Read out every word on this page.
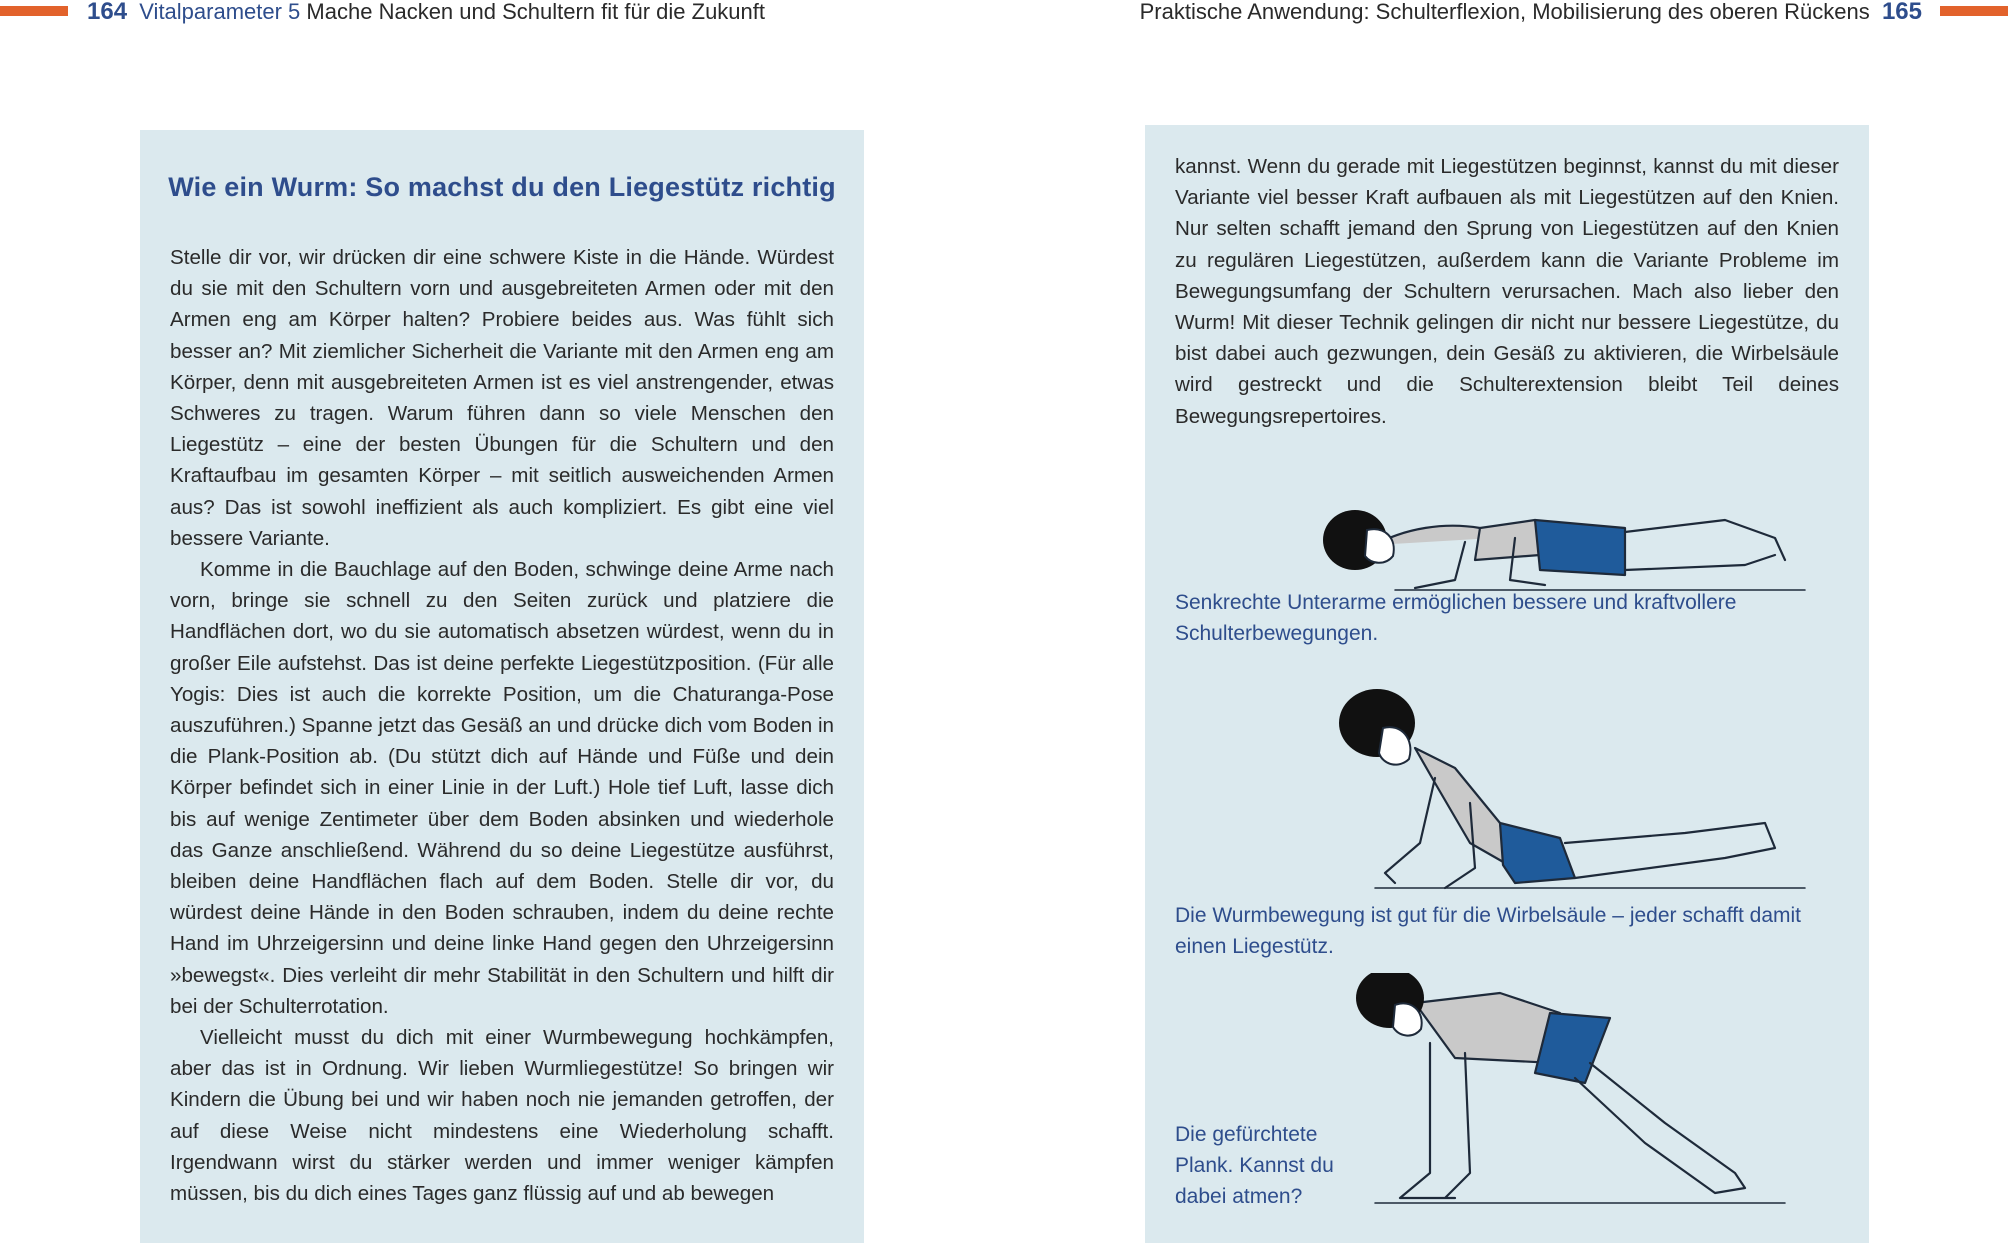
164 Vitalparameter 5 Mache Nacken und Schultern fit für die Zukunft	Praktische Anwendung: Schulterflexion, Mobilisierung des oberen Rückens 165
Wie ein Wurm: So machst du den Liegestütz richtig

Stelle dir vor, wir drücken dir eine schwere Kiste in die Hände. Würdest du sie mit den Schultern vorn und ausgebreiteten Armen oder mit den Armen eng am Körper halten? Probiere beides aus. Was fühlt sich besser an? Mit ziemlicher Sicherheit die Variante mit den Armen eng am Körper, denn mit ausgebreiteten Armen ist es viel anstrengender, etwas Schweres zu tragen. Warum führen dann so viele Menschen den Liegestütz – eine der besten Übungen für die Schultern und den Kraftaufbau im gesamten Körper – mit seitlich ausweichenden Armen aus? Das ist sowohl ineffizient als auch kompliziert. Es gibt eine viel bessere Variante.

Komme in die Bauchlage auf den Boden, schwinge deine Arme nach vorn, bringe sie schnell zu den Seiten zurück und platziere die Handflächen dort, wo du sie automatisch absetzen würdest, wenn du in großer Eile aufstehst. Das ist deine perfekte Liegestützposition. (Für alle Yogis: Dies ist auch die korrekte Position, um die Chaturanga-Pose auszuführen.) Spanne jetzt das Gesäß an und drücke dich vom Boden in die Plank-Position ab. (Du stützt dich auf Hände und Füße und dein Körper befindet sich in einer Linie in der Luft.) Hole tief Luft, lasse dich bis auf wenige Zentimeter über dem Boden absinken und wiederhole das Ganze anschließend. Während du so deine Liegestütze ausführst, bleiben deine Handflächen flach auf dem Boden. Stelle dir vor, du würdest deine Hände in den Boden schrauben, indem du deine rechte Hand im Uhrzeigersinn und deine linke Hand gegen den Uhrzeigersinn »bewegst«. Dies verleiht dir mehr Stabilität in den Schultern und hilft dir bei der Schulterrotation.

Vielleicht musst du dich mit einer Wurmbewegung hochkämpfen, aber das ist in Ordnung. Wir lieben Wurmliegestütze! So bringen wir Kindern die Übung bei und wir haben noch nie jemanden getroffen, der auf diese Weise nicht mindestens eine Wiederholung schafft. Irgendwann wirst du stärker werden und immer weniger kämpfen müssen, bis du dich eines Tages ganz flüssig auf und ab bewegen

kannst. Wenn du gerade mit Liegestützen beginnst, kannst du mit dieser Variante viel besser Kraft aufbauen als mit Liegestützen auf den Knien. Nur selten schafft jemand den Sprung von Liegestützen auf den Knien zu regulären Liegestützen, außerdem kann die Variante Probleme im Bewegungsumfang der Schultern verursachen. Mach also lieber den Wurm! Mit dieser Technik gelingen dir nicht nur bessere Liegestütze, du bist dabei auch gezwungen, dein Gesäß zu aktivieren, die Wirbelsäule wird gestreckt und die Schulterextension bleibt Teil deines Bewegungsrepertoires.

Senkrechte Unterarme ermöglichen bessere und kraftvollere Schulterbewegungen.
Die Wurmbewegung ist gut für die Wirbelsäule – jeder schafft damit einen Liegestütz.
Die gefürchtete Plank. Kannst du dabei atmen?
